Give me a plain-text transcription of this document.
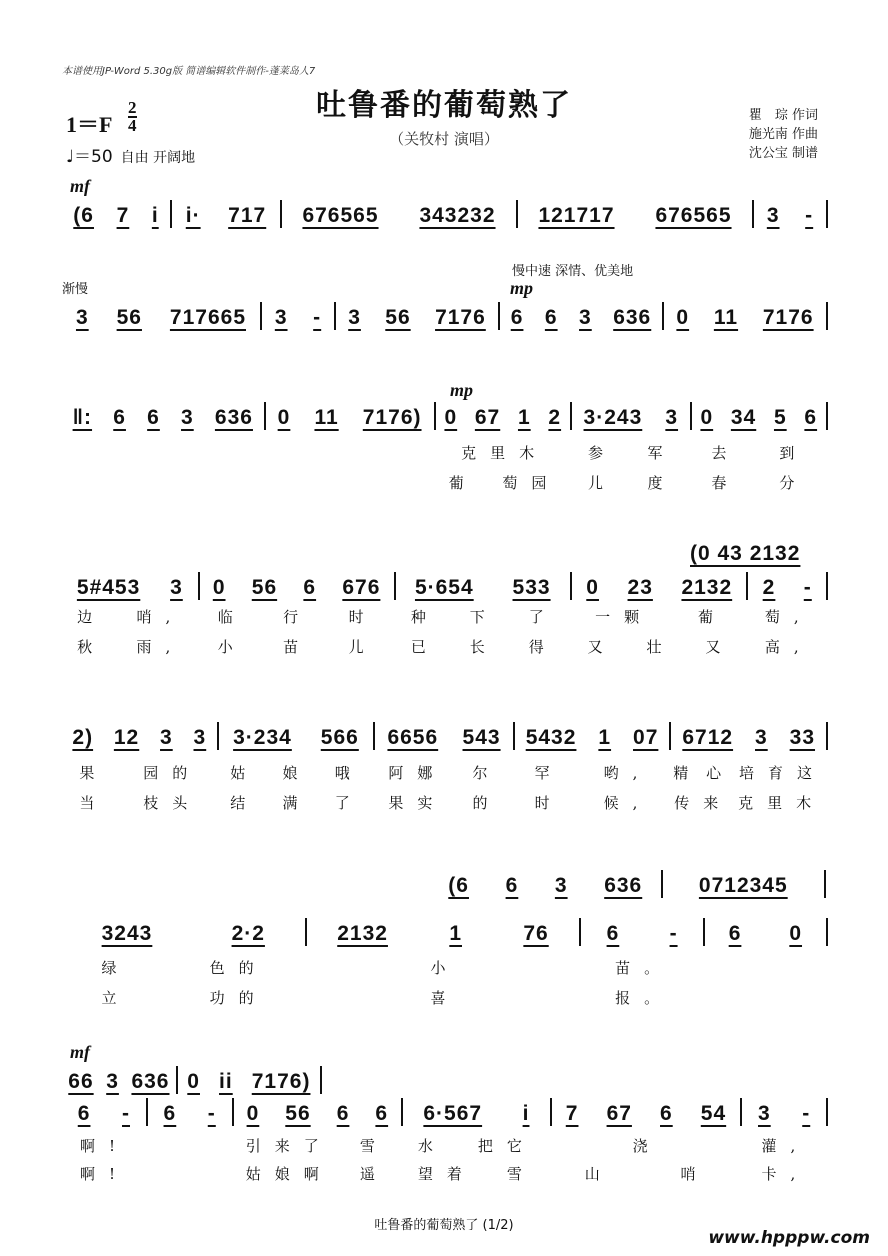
本谱使用JP-Word 5.30g版 简谱编辑软件制作-蓬莱岛人7
吐鲁番的葡萄熟了
（关牧村 演唱）
1＝F
2
4
♩＝50 自由 开阔地
瞿　琮 作词
施光南 作曲
沈公宝 制谱
mf
渐慢
慢中速 深情、优美地
mp
mp
mf
(6 7 i i· 717 676565 343232 121717 676565 3 -
3 56 717665 3 - 3 56 7176 6 6 3 636 0 11 7176
‖: 6 6 3 636 0 11 7176) 0 67 1 2 3·243 3 0 34 5 6
克里木	参 军 去	到
葡 萄园 儿 度 春	分
5#453 3 0 56 6 676 5·654 533 0 23 2132 2 -
(0 43 2132
边 哨, 临 行 时 种 下 了 一颗	葡	萄,
秋 雨, 小 苗 儿 已 长 得 又 壮 又 高,
2) 12 3 3 3·234 566 6656 543 5432 1 07 6712 3 33
果 园的 姑 娘 哦 阿娜 尔 罕	哟, 精 心 培育这
当 枝头 结 满 了 果实 的 时	候, 传来 克里木
3243	2·2	2132	1	76	6 - 6 0
(6 6 3 636	0712345
绿	色的	小	苗。
立	功的	喜	报。
6 - 6 - 0 56 6 6 6·567 i 7 67 6 54 3 -
66 3 636 0 ii 7176)
啊!	引来了 雪 水 把它	浇	灌,
啊!	姑娘啊 遥 望着 雪	山	哨	卡,
吐鲁番的葡萄熟了 (1/2)
www.hpppw.com
